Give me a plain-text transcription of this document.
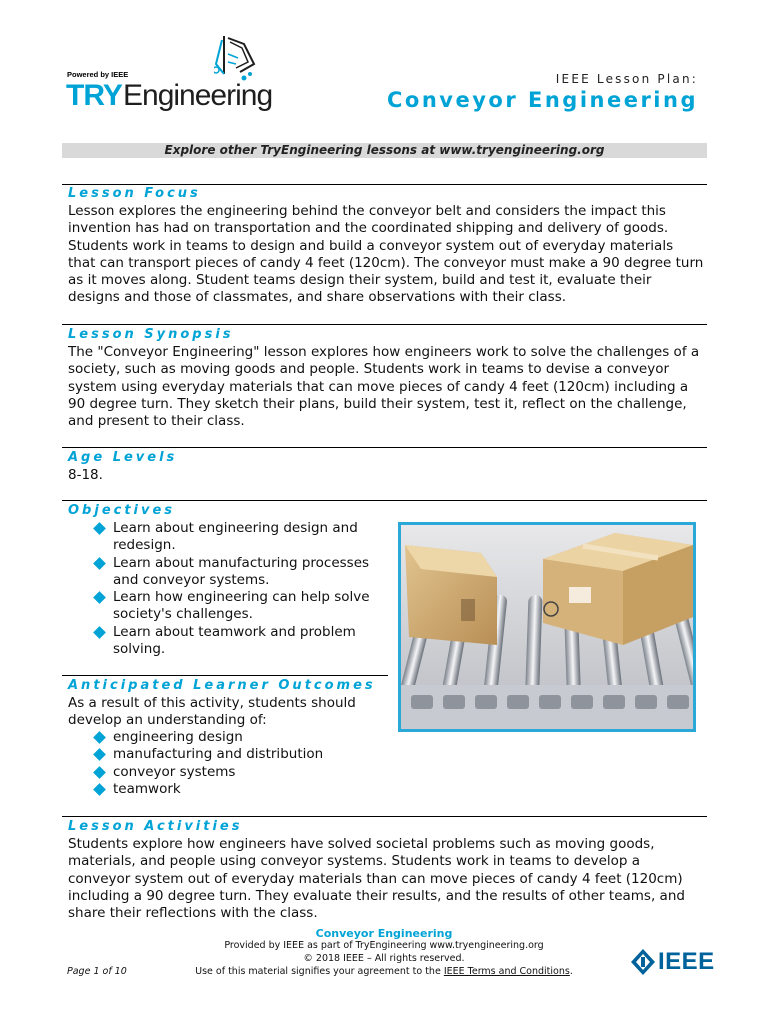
Powered by IEEE
TRY Engineering	IEEE Lesson Plan:
Conveyor Engineering
Explore other TryEngineering lessons at www.tryengineering.org
Lesson Focus
Lesson explores the engineering behind the conveyor belt and considers the impact this invention has had on transportation and the coordinated shipping and delivery of goods. Students work in teams to design and build a conveyor system out of everyday materials that can transport pieces of candy 4 feet (120cm). The conveyor must make a 90 degree turn as it moves along. Student teams design their system, build and test it, evaluate their designs and those of classmates, and share observations with their class.
Lesson Synopsis
The "Conveyor Engineering" lesson explores how engineers work to solve the challenges of a society, such as moving goods and people. Students work in teams to devise a conveyor system using everyday materials that can move pieces of candy 4 feet (120cm) including a 90 degree turn. They sketch their plans, build their system, test it, reflect on the challenge, and present to their class.
Age Levels
8-18.
Objectives
Learn about engineering design and redesign.
Learn about manufacturing processes and conveyor systems.
Learn how engineering can help solve society's challenges.
Learn about teamwork and problem solving.
Anticipated Learner Outcomes
As a result of this activity, students should develop an understanding of:
engineering design
manufacturing and distribution
conveyor systems
teamwork
Lesson Activities
Students explore how engineers have solved societal problems such as moving goods, materials, and people using conveyor systems. Students work in teams to develop a conveyor system out of everyday materials than can move pieces of candy 4 feet (120cm) including a 90 degree turn. They evaluate their results, and the results of other teams, and share their reflections with the class.
Conveyor Engineering
Provided by IEEE as part of TryEngineering www.tryengineering.org
© 2018 IEEE – All rights reserved.
Use of this material signifies your agreement to the IEEE Terms and Conditions.
Page 1 of 10	IEEE
